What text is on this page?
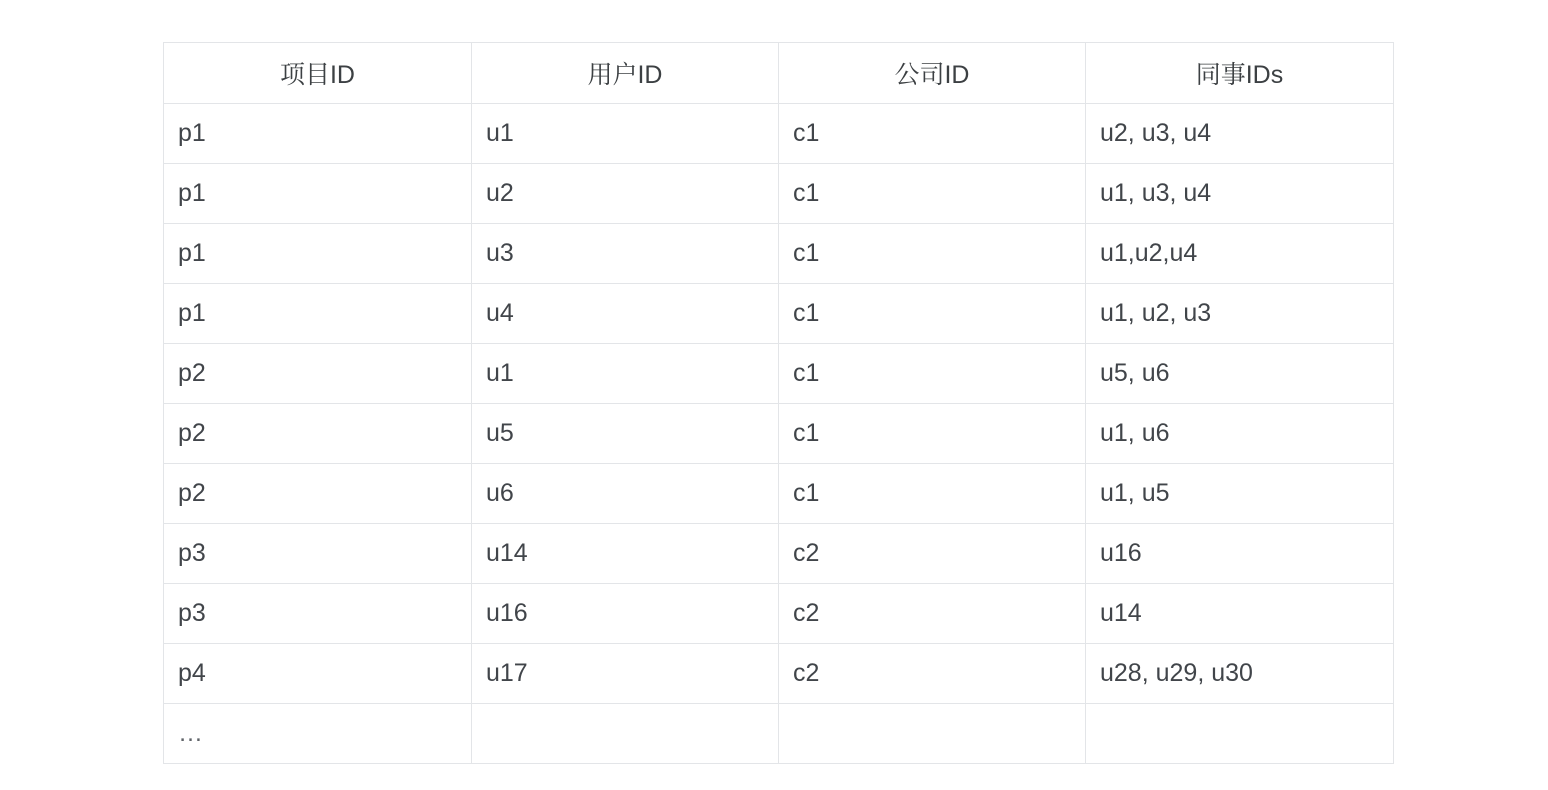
项目ID	用户ID	公司ID	同事IDs
p1	u1	c1	u2, u3, u4
p1	u2	c1	u1, u3, u4
p1	u3	c1	u1,u2,u4
p1	u4	c1	u1, u2, u3
p2	u1	c1	u5, u6
p2	u5	c1	u1, u6
p2	u6	c1	u1, u5
p3	u14	c2	u16
p3	u16	c2	u14
p4	u17	c2	u28, u29, u30
…			
